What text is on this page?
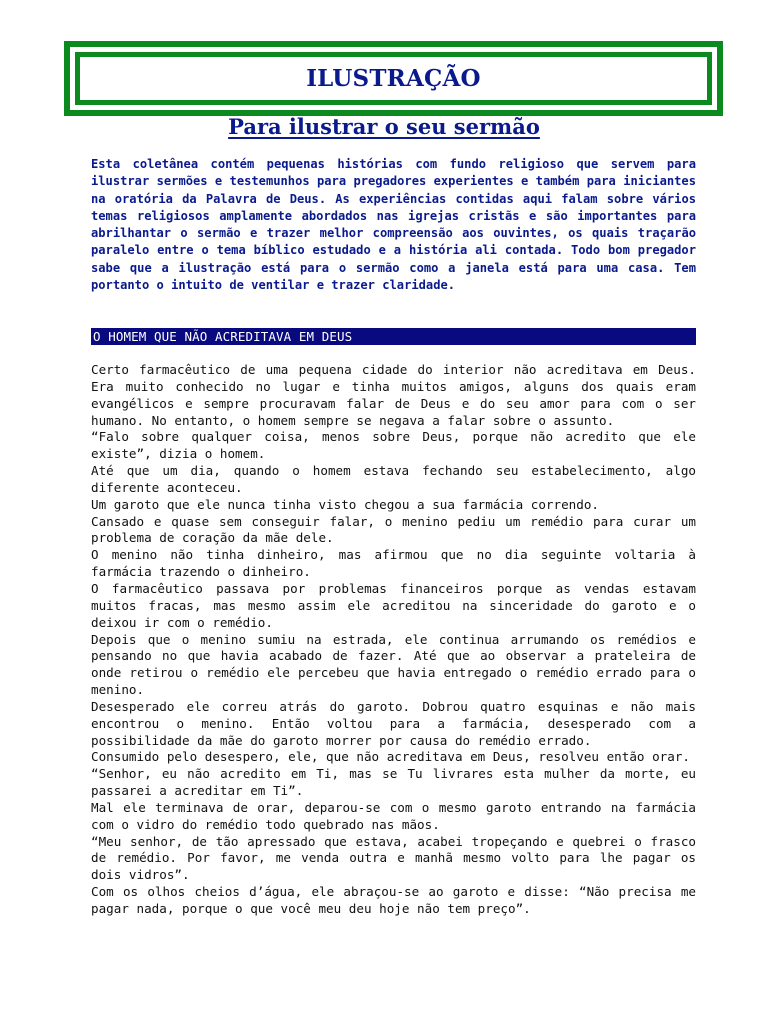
ILUSTRAÇÃO
Para ilustrar o seu sermão

Esta coletânea contém pequenas histórias com fundo religioso que servem para ilustrar sermões e testemunhos para pregadores experientes e também para iniciantes na oratória da Palavra de Deus. As experiências contidas aqui falam sobre vários temas religiosos amplamente abordados nas igrejas cristãs e são importantes para abrilhantar o sermão e trazer melhor compreensão aos ouvintes, os quais traçarão paralelo entre o tema bíblico estudado e a história ali contada. Todo bom pregador sabe que a ilustração está para o sermão como a janela está para uma casa. Tem portanto o intuito de ventilar e trazer claridade.

O HOMEM QUE NÃO ACREDITAVA EM DEUS

Certo farmacêutico de uma pequena cidade do interior não acreditava em Deus. Era muito conhecido no lugar e tinha muitos amigos, alguns dos quais eram evangélicos e sempre procuravam falar de Deus e do seu amor para com o ser humano. No entanto, o homem sempre se negava a falar sobre o assunto.

“Falo sobre qualquer coisa, menos sobre Deus, porque não acredito que ele existe”, dizia o homem.

Até que um dia, quando o homem estava fechando seu estabelecimento, algo diferente aconteceu.

Um garoto que ele nunca tinha visto chegou a sua farmácia correndo.

Cansado e quase sem conseguir falar, o menino pediu um remédio para curar um problema de coração da mãe dele.

O menino não tinha dinheiro, mas afirmou que no dia seguinte voltaria à farmácia trazendo o dinheiro.

O farmacêutico passava por problemas financeiros porque as vendas estavam muitos fracas, mas mesmo assim ele acreditou na sinceridade do garoto e o deixou ir com o remédio.

Depois que o menino sumiu na estrada, ele continua arrumando os remédios e pensando no que havia acabado de fazer. Até que ao observar a prateleira de onde retirou o remédio ele percebeu que havia entregado o remédio errado para o menino.

Desesperado ele correu atrás do garoto. Dobrou quatro esquinas e não mais encontrou o menino. Então voltou para a farmácia, desesperado com a possibilidade da mãe do garoto morrer por causa do remédio errado.

Consumido pelo desespero, ele, que não acreditava em Deus, resolveu então orar.

“Senhor, eu não acredito em Ti, mas se Tu livrares esta mulher da morte, eu passarei a acreditar em Ti”.

Mal ele terminava de orar, deparou-se com o mesmo garoto entrando na farmácia com o vidro do remédio todo quebrado nas mãos.

“Meu senhor, de tão apressado que estava, acabei tropeçando e quebrei o frasco de remédio. Por favor, me venda outra e manhã mesmo volto para lhe pagar os dois vidros”.

Com os olhos cheios d’água, ele abraçou-se ao garoto e disse: “Não precisa me pagar nada, porque o que você meu deu hoje não tem preço”.
